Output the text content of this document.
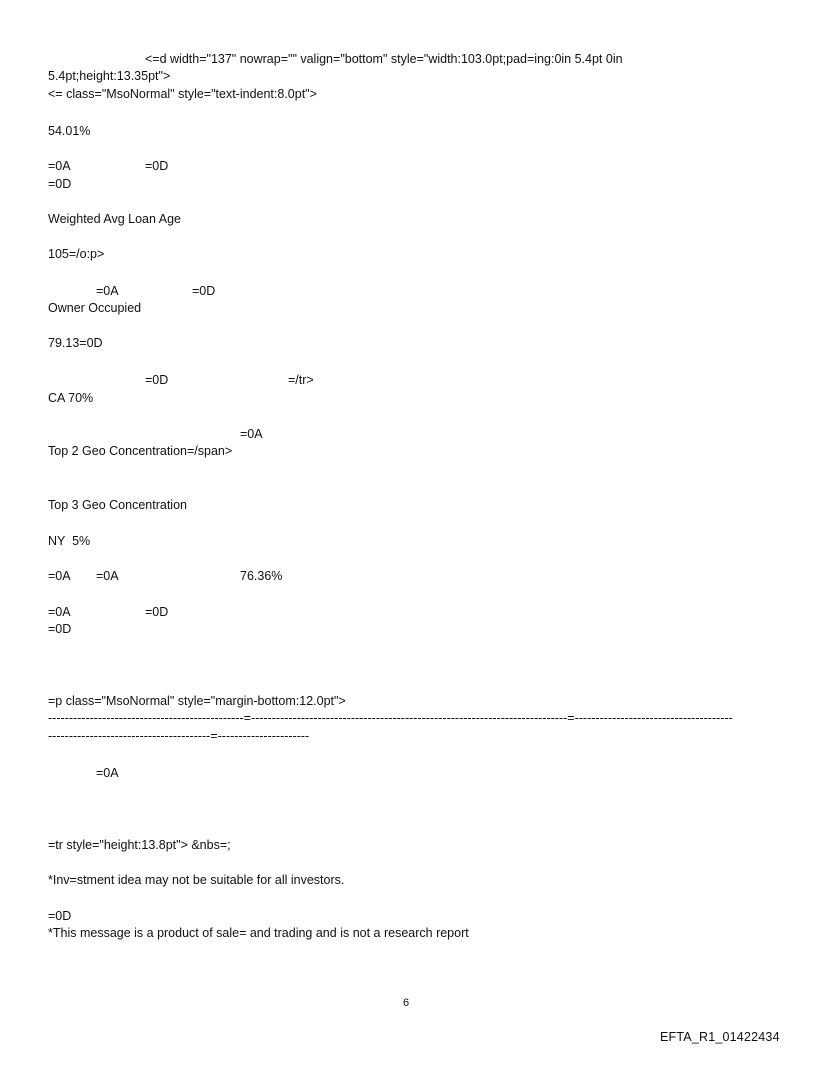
<=d width="137" nowrap="" valign="bottom" style="width:103.0pt;pad=ing:0in 5.4pt 0in

5.4pt;height:13.35pt">

<= class="MsoNormal" style="text-indent:8.0pt">

54.01%

=0A	=0D

=0D

Weighted Avg Loan Age

105=/o:p>

=0A	=0D

Owner Occupied

79.13=0D

=0D	=/tr>

CA 70%

=0A

Top 2 Geo Concentration=/span>

Top 3 Geo Concentration

NY  5%

=0A =0A	76.36%

=0A	=0D

=0D

=p class="MsoNormal" style="margin-bottom:12.0pt">

-----------------------------------------------=----------------------------------------------------------------------------=--------------------------------------

---------------------------------------=----------------------

=0A

=tr style="height:13.8pt"> &nbs=;

*Inv=stment idea may not be suitable for all investors.

=0D

*This message is a product of sale= and trading and is not a research report

6
EFTA_R1_01422434
